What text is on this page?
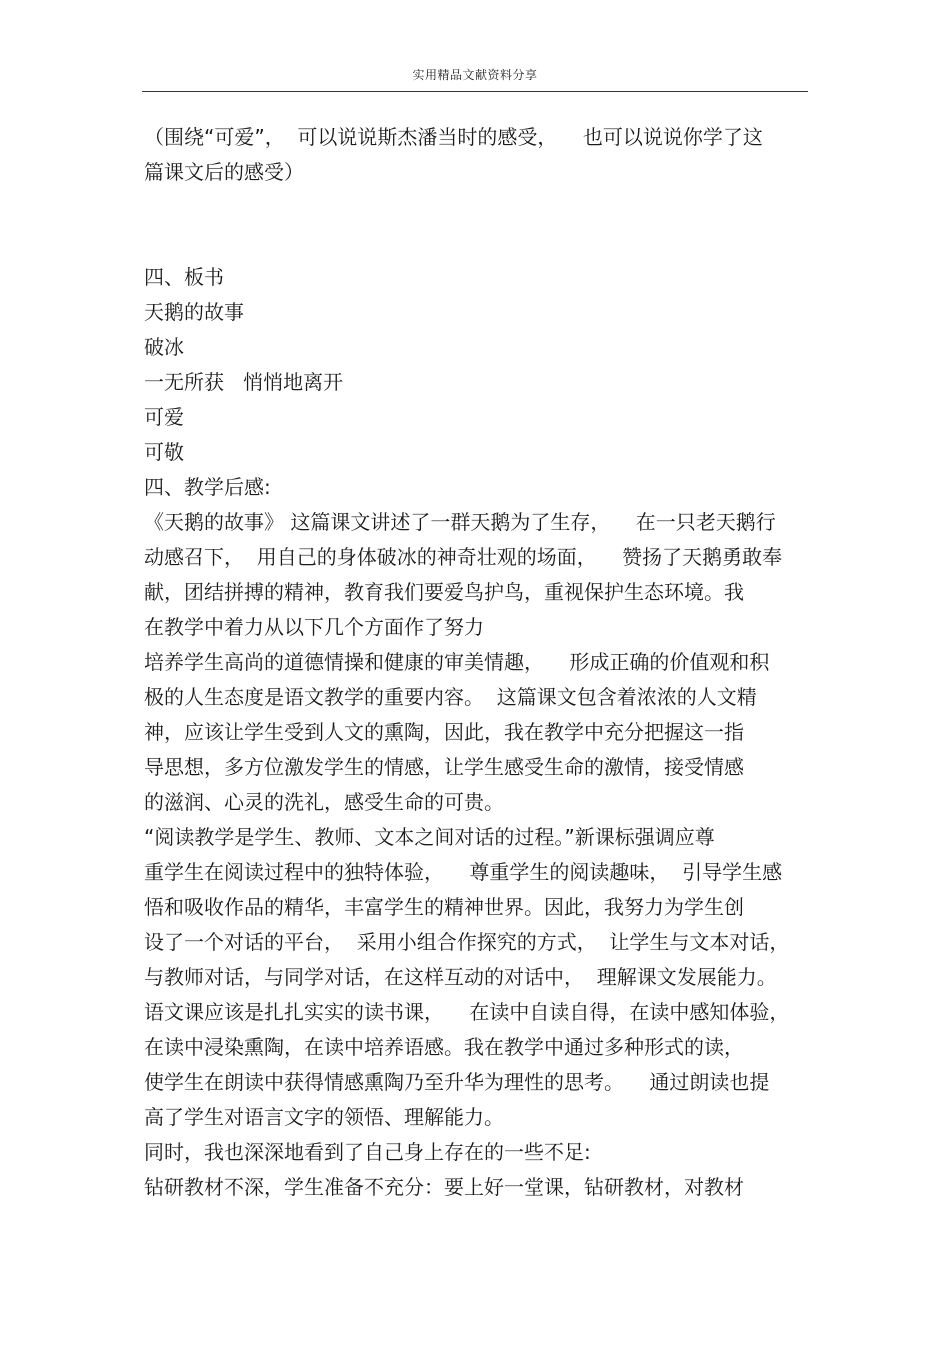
实用精品文献资料分享
（围绕“可爱”，  可以说说斯杰潘当时的感受，    也可以说说你学了这
篇课文后的感受）
四、板书
天鹅的故事
破冰
一无所获   悄悄地离开
可爱
可敬
四、教学后感:
《天鹅的故事》 这篇课文讲述了一群天鹅为了生存，    在一只老天鹅行
动感召下，  用自己的身体破冰的神奇壮观的场面，    赞扬了天鹅勇敢奉
献，团结拼搏的精神，教育我们要爱鸟护鸟，重视保护生态环境。我
在教学中着力从以下几个方面作了努力
培养学生高尚的道德情操和健康的审美情趣，    形成正确的价值观和积
极的人生态度是语文教学的重要内容。  这篇课文包含着浓浓的人文精
神，应该让学生受到人文的熏陶，因此，我在教学中充分把握这一指
导思想，多方位激发学生的情感，让学生感受生命的激情，接受情感
的滋润、心灵的洗礼，感受生命的可贵。
“阅读教学是学生、教师、文本之间对话的过程。”新课标强调应尊
重学生在阅读过程中的独特体验，    尊重学生的阅读趣味，  引导学生感
悟和吸收作品的精华，丰富学生的精神世界。因此，我努力为学生创
设了一个对话的平台，  采用小组合作探究的方式，  让学生与文本对话，
与教师对话，与同学对话，在这样互动的对话中，  理解课文发展能力。
语文课应该是扎扎实实的读书课，    在读中自读自得，在读中感知体验，
在读中浸染熏陶，在读中培养语感。我在教学中通过多种形式的读，
使学生在朗读中获得情感熏陶乃至升华为理性的思考。    通过朗读也提
高了学生对语言文字的领悟、理解能力。
同时，我也深深地看到了自己身上存在的一些不足:
钻研教材不深，学生准备不充分：要上好一堂课，钻研教材，对教材
